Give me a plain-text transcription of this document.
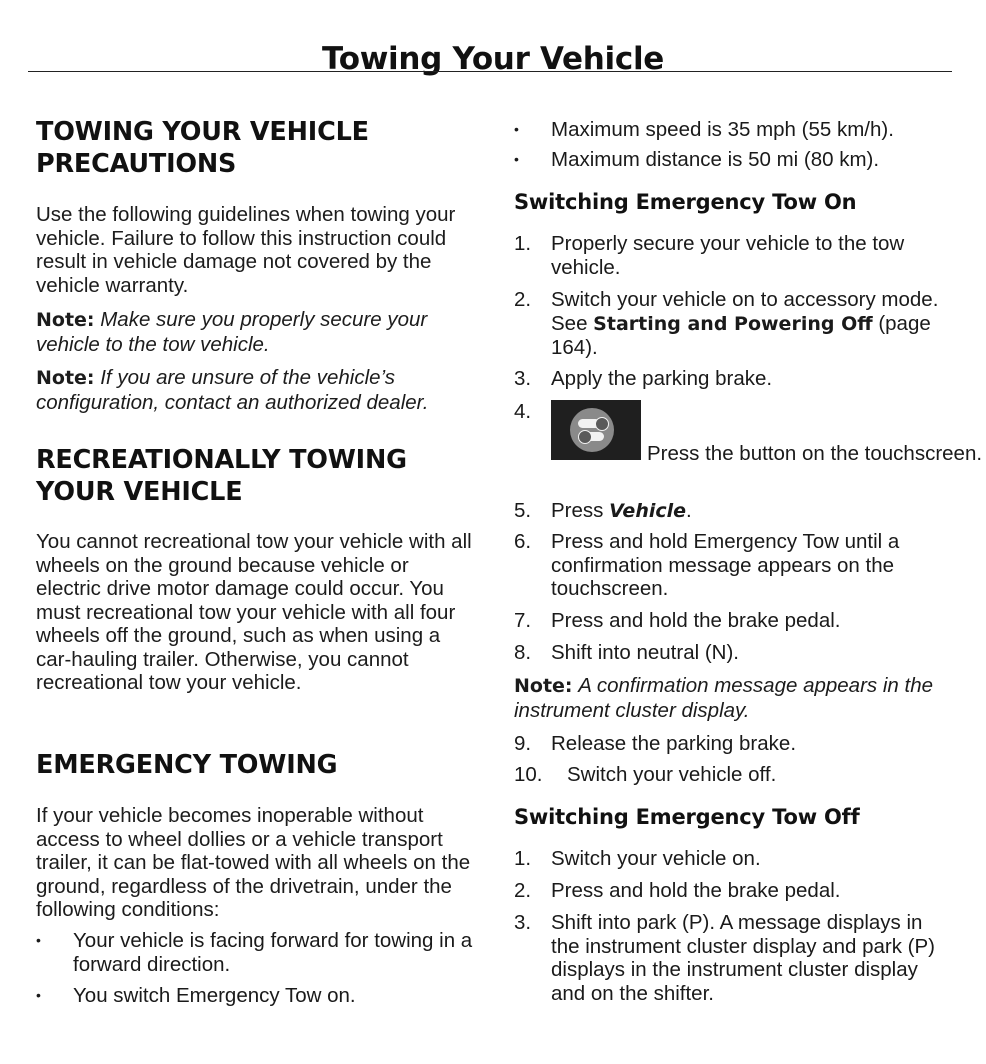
Towing Your Vehicle
TOWING YOUR VEHICLE
PRECAUTIONS

Use the following guidelines when towing your vehicle. Failure to follow this instruction could result in vehicle damage not covered by the vehicle warranty.

Note: Make sure you properly secure your vehicle to the tow vehicle.

Note: If you are unsure of the vehicle’s configuration, contact an authorized dealer.

RECREATIONALLY TOWING
YOUR VEHICLE

You cannot recreational tow your vehicle with all wheels on the ground because vehicle or electric drive motor damage could occur. You must recreational tow your vehicle with all four wheels off the ground, such as when using a car-hauling trailer. Otherwise, you cannot recreational tow your vehicle.

EMERGENCY TOWING

If your vehicle becomes inoperable without access to wheel dollies or a vehicle transport trailer, it can be flat-towed with all wheels on the ground, regardless of the drivetrain, under the following conditions:

•	Your vehicle is facing forward for towing in a forward direction.
•	You switch Emergency Tow on.
•	Maximum speed is 35 mph (55 km/h).
•	Maximum distance is 50 mi (80 km).
Switching Emergency Tow On
1. Properly secure your vehicle to the tow vehicle.
2. Switch your vehicle on to accessory mode. See Starting and Powering Off (page 164).
3. Apply the parking brake.
4.
Press the button on the touchscreen.
5. Press Vehicle.
6. Press and hold Emergency Tow until a confirmation message appears on the touchscreen.
7. Press and hold the brake pedal.
8. Shift into neutral (N).

Note: A confirmation message appears in the instrument cluster display.

9. Release the parking brake.
10. Switch your vehicle off.
Switching Emergency Tow Off
1. Switch your vehicle on.
2. Press and hold the brake pedal.
3. Shift into park (P). A message displays in the instrument cluster display and park (P) displays in the instrument cluster display and on the shifter.
